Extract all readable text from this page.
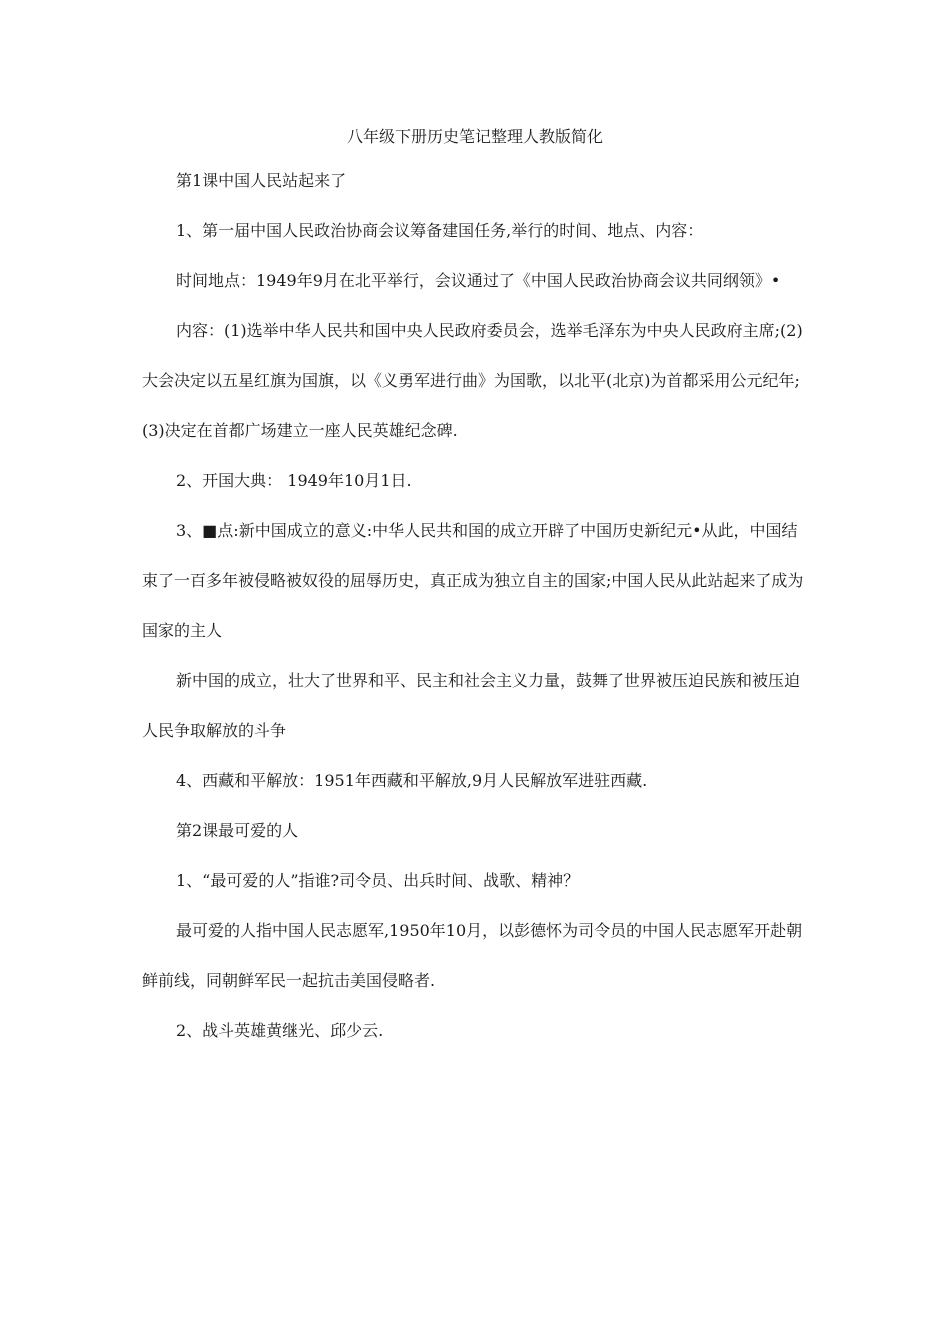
八年级下册历史笔记整理人教版简化

第1课中国人民站起来了

1、第一届中国人民政治协商会议筹备建国任务,举行的时间、地点、内容：

时间地点：1949年9月在北平举行，会议通过了《中国人民政治协商会议共同纲领》•

内容：(1)选举中华人民共和国中央人民政府委员会，选举毛泽东为中央人民政府主席;(2)大会决定以五星红旗为国旗，以《义勇军进行曲》为国歌，以北平(北京)为首都采用公元纪年;(3)决定在首都广场建立一座人民英雄纪念碑.

2、开国大典： 1949年10月1日.

3、■点:新中国成立的意义:中华人民共和国的成立开辟了中国历史新纪元•从此，中国结束了一百多年被侵略被奴役的屈辱历史，真正成为独立自主的国家;中国人民从此站起来了成为国家的主人

新中国的成立，壮大了世界和平、民主和社会主义力量，鼓舞了世界被压迫民族和被压迫人民争取解放的斗争

4、西藏和平解放：1951年西藏和平解放,9月人民解放军进驻西藏.

第2课最可爱的人

1、“最可爱的人”指谁?司令员、出兵时间、战歌、精神？

最可爱的人指中国人民志愿军,1950年10月，以彭德怀为司令员的中国人民志愿军开赴朝鲜前线，同朝鲜军民一起抗击美国侵略者.

2、战斗英雄黄继光、邱少云.
